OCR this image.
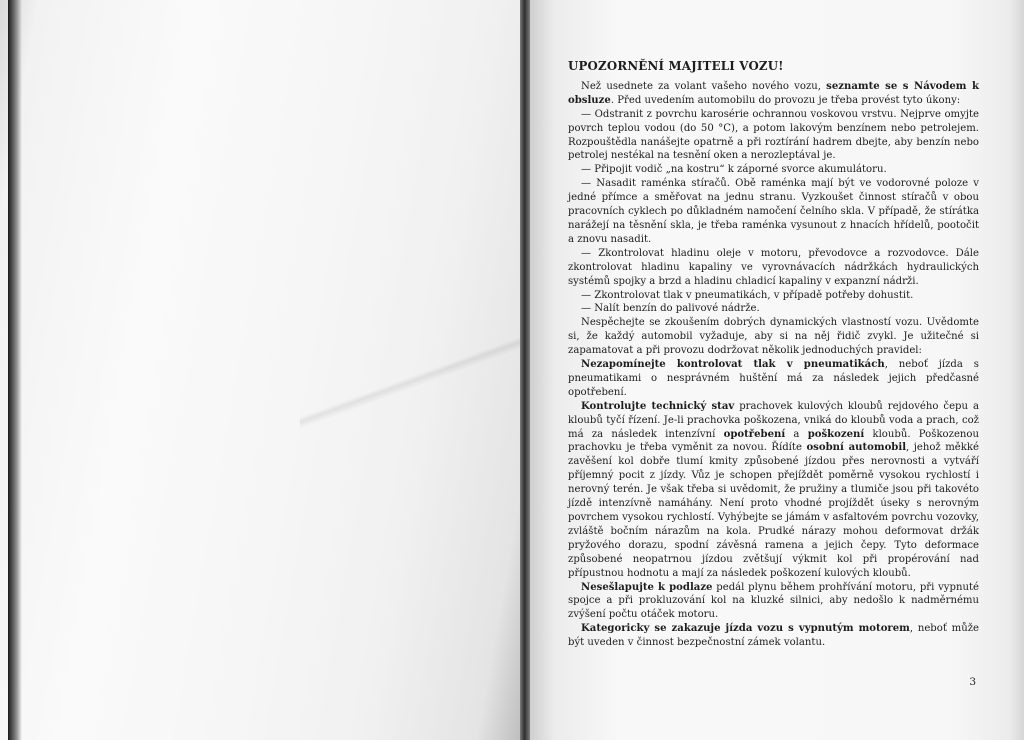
UPOZORNĚNÍ MAJITELI VOZU!

Než usednete za volant vašeho nového vozu, seznamte se s Návodem k obsluze. Před uvedením automobilu do provozu je třeba provést tyto úkony:

— Odstranit z povrchu karosérie ochrannou voskovou vrstvu. Nejprve omyjte povrch teplou vodou (do 50 °C), a potom lakovým benzínem nebo petrolejem. Rozpouštědla nanášejte opatrně a při roztírání hadrem dbejte, aby benzín nebo petrolej nestékal na tesnění oken a nerozleptával je.

— Připojit vodič „na kostru“ k záporné svorce akumulátoru.

— Nasadit raménka stíračů. Obě raménka mají být ve vodorovné poloze v jedné přímce a směřovat na jednu stranu. Vyzkoušet činnost stíračů v obou pracovních cyklech po důkladném namočení čelního skla. V případě, že stírátka narážejí na těsnění skla, je třeba raménka vysunout z hnacích hřídelů, pootočit a znovu nasadit.

— Zkontrolovat hladinu oleje v motoru, převodovce a rozvodovce. Dále zkontrolovat hladinu kapaliny ve vyrovnávacích nádržkách hydraulických systémů spojky a brzd a hladinu chladicí kapaliny v expanzní nádrži.

— Zkontrolovat tlak v pneumatikách, v případě potřeby dohustit.

— Nalít benzín do palivové nádrže.

Nespěchejte se zkoušením dobrých dynamických vlastností vozu. Uvědomte si, že každý automobil vyžaduje, aby si na něj řidič zvykl. Je užitečné si zapamatovat a při provozu dodržovat několik jednoduchých pravidel:

Nezapomínejte kontrolovat tlak v pneumatikách, neboť jízda s pneumatikami o nesprávném huštění má za následek jejich předčasné opotřebení.

Kontrolujte technický stav prachovek kulových kloubů rejdového čepu a kloubů tyčí řízení. Je-li prachovka poškozena, vniká do kloubů voda a prach, což má za následek intenzívní opotřebení a poškození kloubů. Poškozenou prachovku je třeba vyměnit za novou. Řídíte osobní automobil, jehož měkké zavěšení kol dobře tlumí kmity způsobené jízdou přes nerovnosti a vytváří příjemný pocit z jízdy. Vůz je schopen přejíždět poměrně vysokou rychlostí i nerovný terén. Je však třeba si uvědomit, že pružiny a tlumiče jsou při takovéto jízdě intenzívně namáhány. Není proto vhodné projíždět úseky s nerovným povrchem vysokou rychlostí. Vyhýbejte se jámám v asfaltovém povrchu vozovky, zvláště bočním nárazům na kola. Prudké nárazy mohou deformovat držák pryžového dorazu, spodní závěsná ramena a jejich čepy. Tyto deformace způsobené neopatrnou jízdou zvětšují výkmit kol při propérování nad přípustnou hodnotu a mají za následek poškození kulových kloubů.

Nesešlapujte k podlaze pedál plynu během prohřívání motoru, při vypnuté spojce a při prokluzování kol na kluzké silnici, aby nedošlo k nadměrnému zvýšení počtu otáček motoru.

Kategoricky se zakazuje jízda vozu s vypnutým motorem, neboť může být uveden v činnost bezpečnostní zámek volantu.

3
